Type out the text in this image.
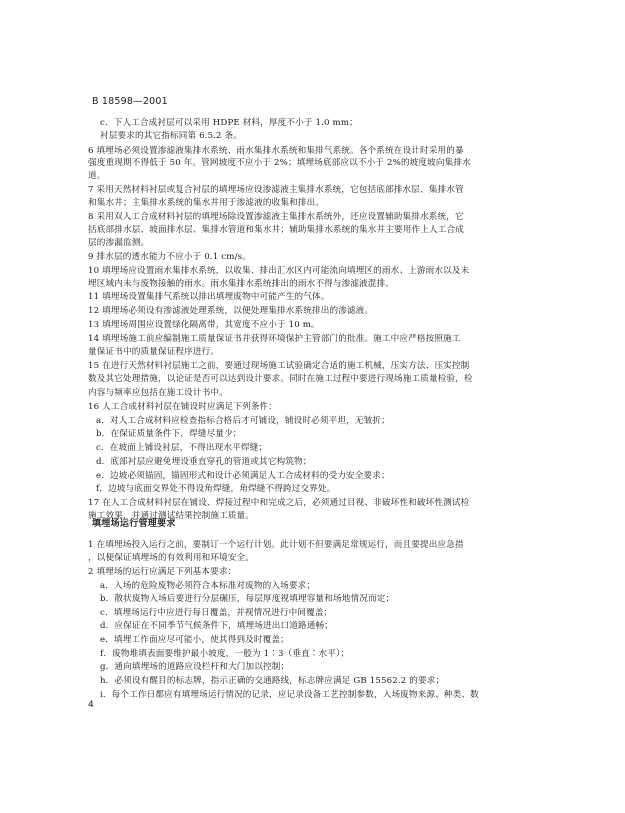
B 18598—2001
c．下人工合成衬层可以采用 HDPE 材料，厚度不小于 1.0 mm；
衬层要求的其它指标同第 6.5.2 条。
6 填埋场必须设置渗滤液集排水系统、雨水集排水系统和集排气系统。各个系统在设计时采用的暴
强度重现期不得低于 50 年。管网坡度不应小于 2%；填埋场底部应以不小于 2%的坡度坡向集排水
道。
7 采用天然材料衬层或复合衬层的填埋场应设渗滤液主集排水系统，它包括底部排水层、集排水管
和集水井；主集排水系统的集水井用于渗滤液的收集和排出。
8 采用双人工合成材料衬层的填埋场除设置渗滤液主集排水系统外，还应设置辅助集排水系统，它
括底部排水层、坡面排水层、集排水管道和集水井；辅助集排水系统的集水井主要用作上人工合成
层的渗漏监测。
9 排水层的透水能力不应小于 0.1 cm/s。
10 填埋场应设置雨水集排水系统，以收集、排出汇水区内可能流向填埋区的雨水、上游雨水以及未
埋区域内未与废物接触的雨水。雨水集排水系统排出的雨水不得与渗滤液混排。
11 填埋场设置集排气系统以排出填埋废物中可能产生的气体。
12 填埋场必须设有渗滤液处理系统，以便处理集排水系统排出的渗滤液。
13 填埋场周围应设置绿化隔离带，其宽度不应小于 10 m。
14 填埋场施工前应编制施工质量保证书并获得环境保护主管部门的批准。施工中应严格按照施工
量保证书中的质量保证程序进行。
15 在进行天然材料衬层施工之前，要通过现场施工试验确定合适的施工机械，压实方法、压实控制
数及其它处理措施，以论证是否可以达到设计要求。同时在施工过程中要进行现场施工质量检验，检
内容与频率应包括在施工设计书中。
16 人工合成材料衬层在铺设时应满足下列条件：
a．对人工合成材料应检查指标合格后才可铺设，铺设时必须平坦，无皱折；
b．在保证质量条件下，焊缝尽量少；
c．在坡面上铺设衬层，不得出现水平焊缝；
d．底部衬层应避免埋设垂直穿孔的管道或其它构筑物；
e．边坡必须锚固，锚固形式和设计必须满足人工合成材料的受力安全要求；
f．边坡与底面交界处不得设角焊缝，角焊缝不得跨过交界处。
17 在人工合成材料衬层在铺设、焊接过程中和完成之后，必须通过目视、非破坏性和破坏性测试检
施工效果，并通过测试结果控制施工质量。
填埋场运行管理要求
1 在填埋场投入运行之前，要制订一个运行计划。此计划不但要满足常规运行，而且要提出应急措
，以便保证填埋场的有效利用和环境安全。
2 填埋场的运行应满足下列基本要求：
a．入场的危险废物必须符合本标准对废物的入场要求；
b．散状废物入场后要进行分层碾压，每层厚度视填埋容量和场地情况而定；
c．填埋场运行中应进行每日覆盖，并视情况进行中间覆盖；
d．应保证在不同季节气候条件下，填埋场进出口道路通畅；
e．填埋工作面应尽可能小，使其得到及时覆盖；
f．废物堆填表面要维护最小坡度，一般为 1∶3（垂直∶水平）；
g．通向填埋场的道路应设栏杆和大门加以控制；
h．必须设有醒目的标志牌，指示正确的交通路线，标志牌应满足 GB 15562.2 的要求；
i．每个工作日都应有填埋场运行情况的记录，应记录设备工艺控制参数，入场废物来源、种类、数
4
